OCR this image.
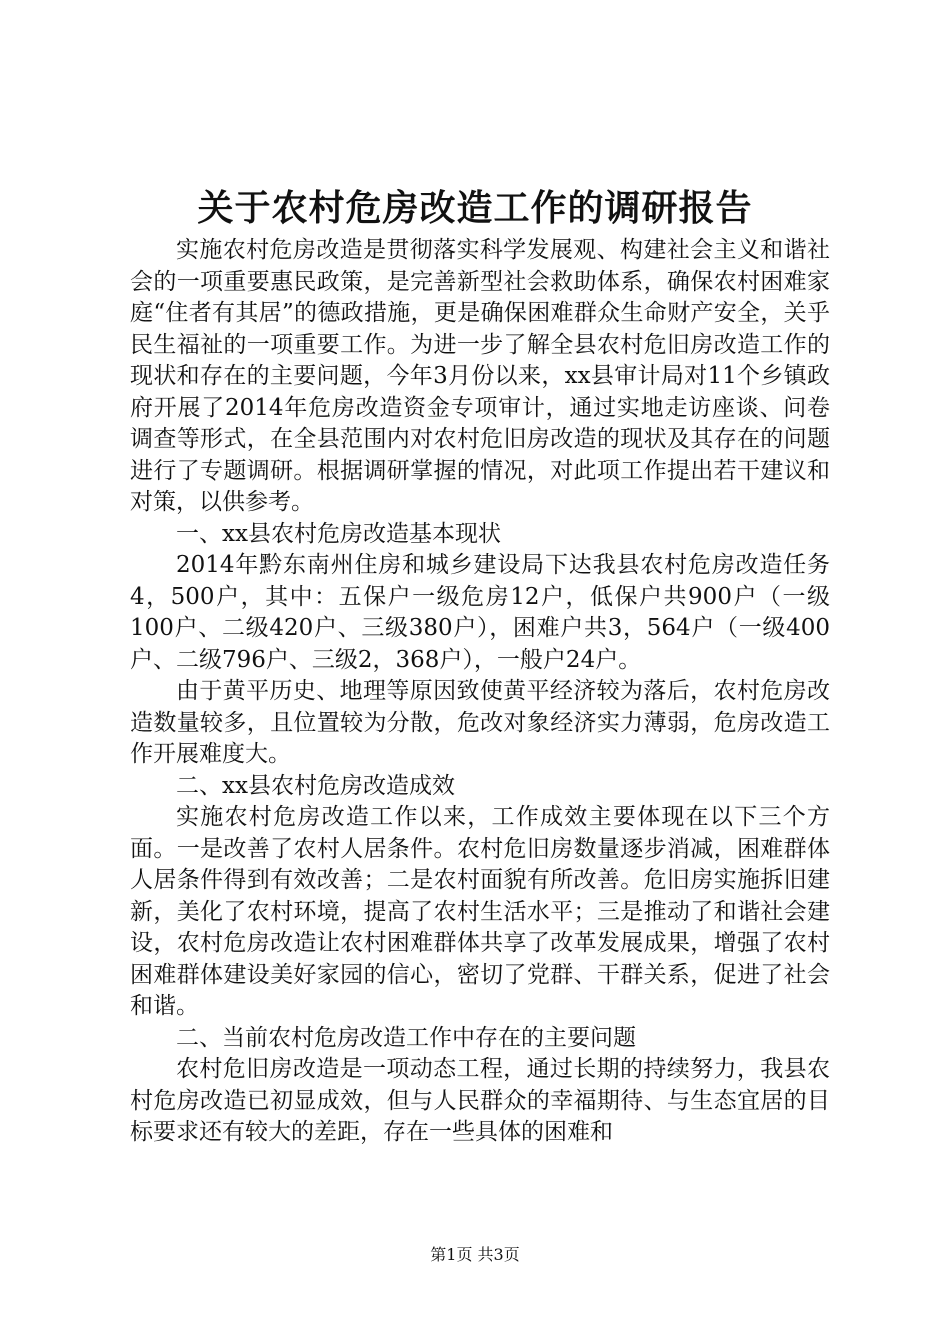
关于农村危房改造工作的调研报告

实施农村危房改造是贯彻落实科学发展观、构建社会主义和谐社会的一项重要惠民政策，是完善新型社会救助体系，确保农村困难家庭“住者有其居”的德政措施，更是确保困难群众生命财产安全，关乎民生福祉的一项重要工作。为进一步了解全县农村危旧房改造工作的现状和存在的主要问题，今年3月份以来，xx县审计局对11个乡镇政府开展了2014年危房改造资金专项审计，通过实地走访座谈、问卷调查等形式，在全县范围内对农村危旧房改造的现状及其存在的问题进行了专题调研。根据调研掌握的情况，对此项工作提出若干建议和对策，以供参考。

一、xx县农村危房改造基本现状

2014年黔东南州住房和城乡建设局下达我县农村危房改造任务4，500户，其中：五保户一级危房12户，低保户共900户（一级100户、二级420户、三级380户），困难户共3，564户（一级400户、二级796户、三级2，368户），一般户24户。

由于黄平历史、地理等原因致使黄平经济较为落后，农村危房改造数量较多，且位置较为分散，危改对象经济实力薄弱，危房改造工作开展难度大。

二、xx县农村危房改造成效

实施农村危房改造工作以来，工作成效主要体现在以下三个方面。一是改善了农村人居条件。农村危旧房数量逐步消减，困难群体人居条件得到有效改善；二是农村面貌有所改善。危旧房实施拆旧建新，美化了农村环境，提高了农村生活水平；三是推动了和谐社会建设，农村危房改造让农村困难群体共享了改革发展成果，增强了农村困难群体建设美好家园的信心，密切了党群、干群关系，促进了社会和谐。

二、当前农村危房改造工作中存在的主要问题

农村危旧房改造是一项动态工程，通过长期的持续努力，我县农村危房改造已初显成效，但与人民群众的幸福期待、与生态宜居的目标要求还有较大的差距，存在一些具体的困难和

第1页 共3页
